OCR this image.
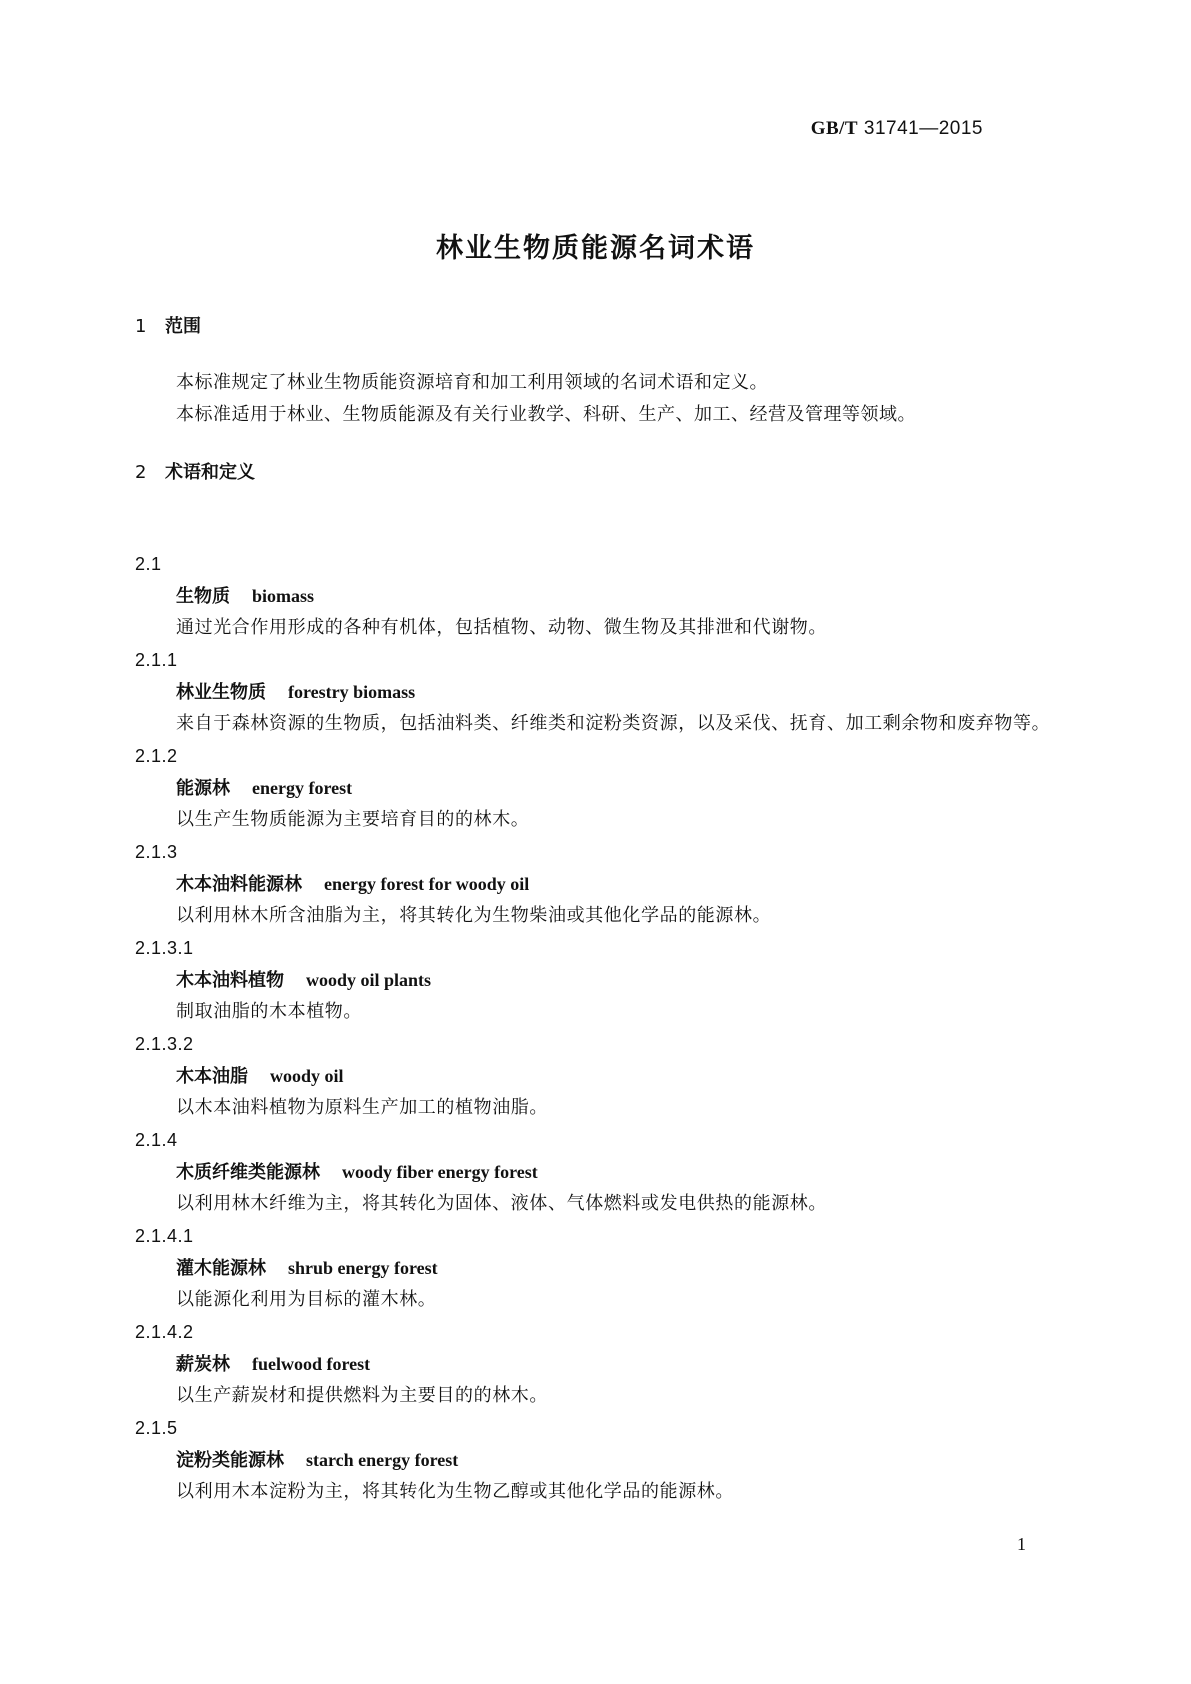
GB/T 31741—2015
林业生物质能源名词术语
1 范围
本标准规定了林业生物质能资源培育和加工利用领域的名词术语和定义。
本标准适用于林业、生物质能源及有关行业教学、科研、生产、加工、经营及管理等领域。
2 术语和定义
2.1
生物质 biomass
通过光合作用形成的各种有机体，包括植物、动物、微生物及其排泄和代谢物。
2.1.1
林业生物质 forestry biomass
来自于森林资源的生物质，包括油料类、纤维类和淀粉类资源，以及采伐、抚育、加工剩余物和废弃物等。
2.1.2
能源林 energy forest
以生产生物质能源为主要培育目的的林木。
2.1.3
木本油料能源林 energy forest for woody oil
以利用林木所含油脂为主，将其转化为生物柴油或其他化学品的能源林。
2.1.3.1
木本油料植物 woody oil plants
制取油脂的木本植物。
2.1.3.2
木本油脂 woody oil
以木本油料植物为原料生产加工的植物油脂。
2.1.4
木质纤维类能源林 woody fiber energy forest
以利用林木纤维为主，将其转化为固体、液体、气体燃料或发电供热的能源林。
2.1.4.1
灌木能源林 shrub energy forest
以能源化利用为目标的灌木林。
2.1.4.2
薪炭林 fuelwood forest
以生产薪炭材和提供燃料为主要目的的林木。
2.1.5
淀粉类能源林 starch energy forest
以利用木本淀粉为主，将其转化为生物乙醇或其他化学品的能源林。
1
